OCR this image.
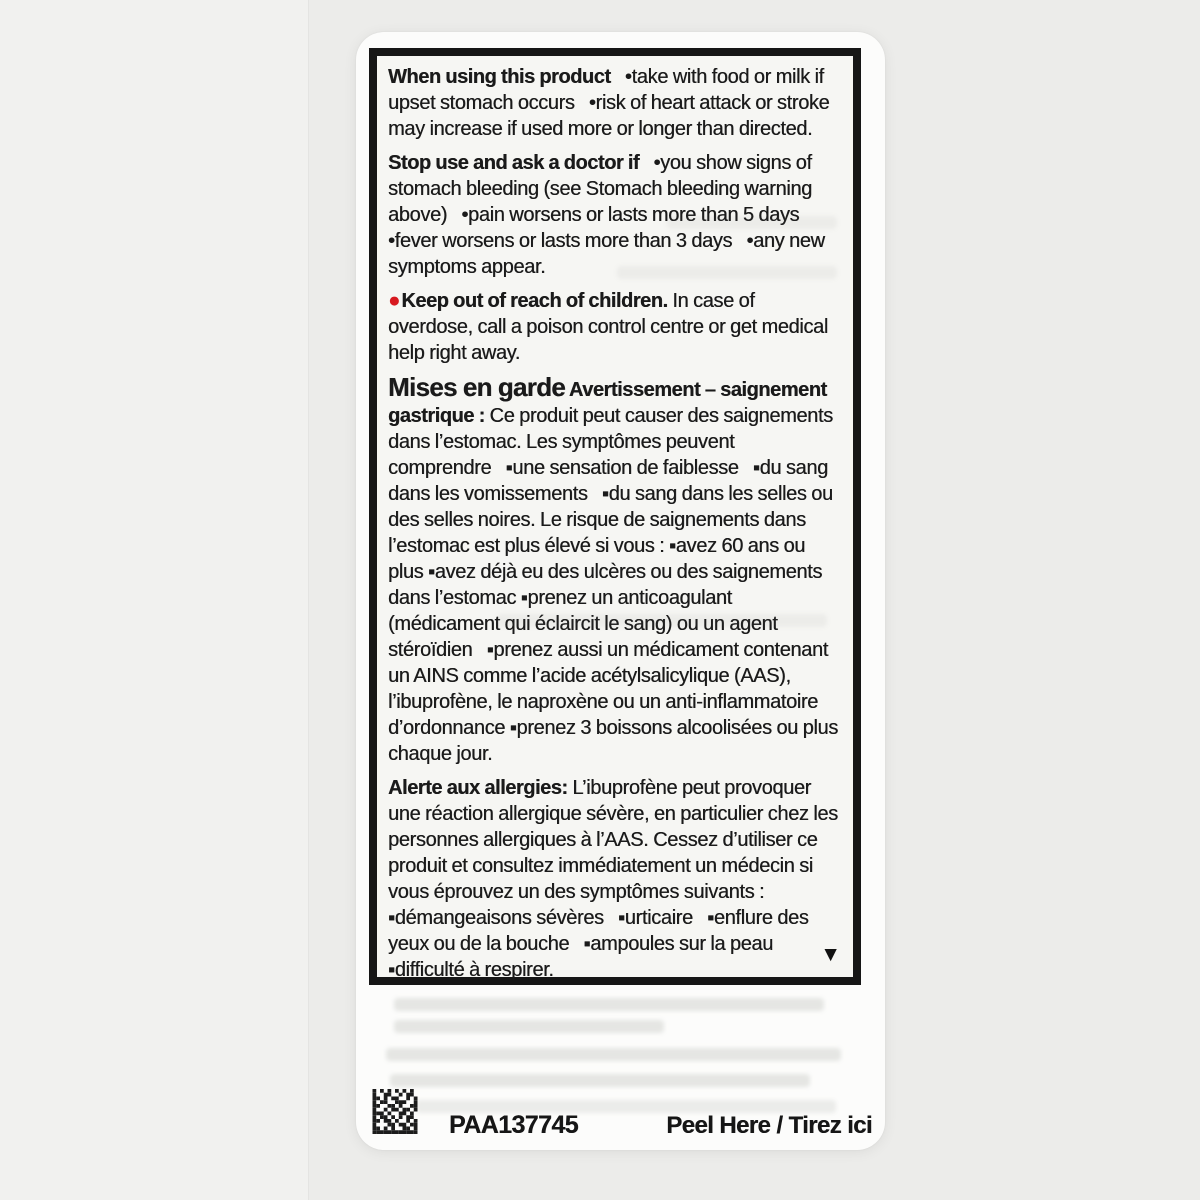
When using this product  •take with food or milk if upset stomach occurs  •risk of heart attack or stroke may increase if used more or longer than directed.

Stop use and ask a doctor if  •you show signs of stomach bleeding (see Stomach bleeding warning above)  •pain worsens or lasts more than 5 days •fever worsens or lasts more than 3 days  •any new symptoms appear.

●Keep out of reach of children. In case of overdose, call a poison control centre or get medical help right away.

Mises en garde Avertissement – saignement gastrique : Ce produit peut causer des saignements dans l’estomac. Les symptômes peuvent comprendre  ▪une sensation de faiblesse  ▪du sang dans les vomissements  ▪du sang dans les selles ou des selles noires. Le risque de saignements dans l’estomac est plus élevé si vous : ▪avez 60 ans ou plus ▪avez déjà eu des ulcères ou des saignements dans l’estomac ▪prenez un anticoagulant (médicament qui éclaircit le sang) ou un agent stéroïdien  ▪prenez aussi un médicament contenant un AINS comme l’acide acétylsalicylique (AAS), l’ibuprofène, le naproxène ou un anti-inflammatoire d’ordonnance ▪prenez 3 boissons alcoolisées ou plus chaque jour.

Alerte aux allergies: L’ibuprofène peut provoquer une réaction allergique sévère, en particulier chez les personnes allergiques à l’AAS. Cessez d’utiliser ce produit et consultez immédiatement un médecin si vous éprouvez un des symptômes suivants : ▪démangeaisons sévères  ▪urticaire  ▪enflure des yeux ou de la bouche  ▪ampoules sur la peau ▪difficulté à respirer.

▼
PAA137745	Peel Here / Tirez ici
